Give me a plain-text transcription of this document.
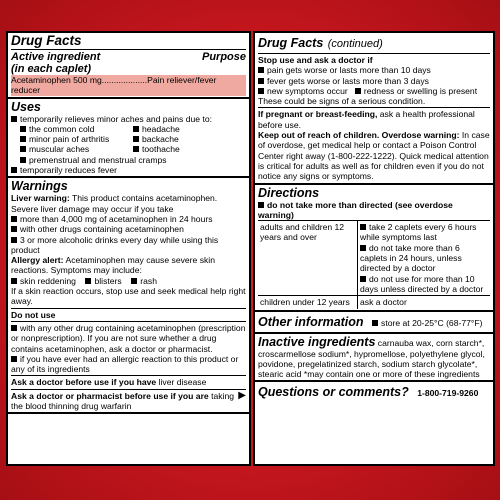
Drug Facts
Active ingredient	Purpose
(in each caplet)
Acetaminophen 500 mg...................Pain reliever/fever reducer
Uses
temporarily relieves minor aches and pains due to:
the common cold	headache
minor pain of arthritis	backache
muscular aches	toothache
premenstrual and menstrual cramps
temporarily reduces fever
Warnings
Liver warning: This product contains acetaminophen. Severe liver damage may occur if you take
more than 4,000 mg of acetaminophen in 24 hours
with other drugs containing acetaminophen
3 or more alcoholic drinks every day while using this product
Allergy alert: Acetaminophen may cause severe skin reactions. Symptoms may include:
skin reddening blisters rash
If a skin reaction occurs, stop use and seek medical help right away.
Do not use
with any other drug containing acetaminophen (prescription or nonprescription). If you are not sure whether a drug contains acetaminophen, ask a doctor or pharmacist.
if you have ever had an allergic reaction to this product or any of its ingredients
Ask a doctor before use if you have liver disease
▶
Ask a doctor or pharmacist before use if you are taking the blood thinning drug warfarin
Drug Facts (continued)
Stop use and ask a doctor if
pain gets worse or lasts more than 10 days
fever gets worse or lasts more than 3 days
new symptoms occur redness or swelling is present
These could be signs of a serious condition.
If pregnant or breast-feeding, ask a health professional before use.
Keep out of reach of children. Overdose warning: In case of overdose, get medical help or contact a Poison Control Center right away (1-800-222-1222). Quick medical attention is critical for adults as well as for children even if you do not notice any signs or symptoms.
Directions
do not take more than directed (see overdose warning)
adults and children 12 years and over
take 2 caplets every 6 hours while symptoms last
do not take more than 6 caplets in 24 hours, unless directed by a doctor
do not use for more than 10 days unless directed by a doctor
children under 12 years	ask a doctor
Other information store at 20-25°C (68-77°F)
Inactive ingredients carnauba wax, corn starch*, croscarmellose sodium*, hypromellose, polyethylene glycol, povidone, pregelatinized starch, sodium starch glycolate*, stearic acid *may contain one or more of these ingredients
Questions or comments? 1-800-719-9260
